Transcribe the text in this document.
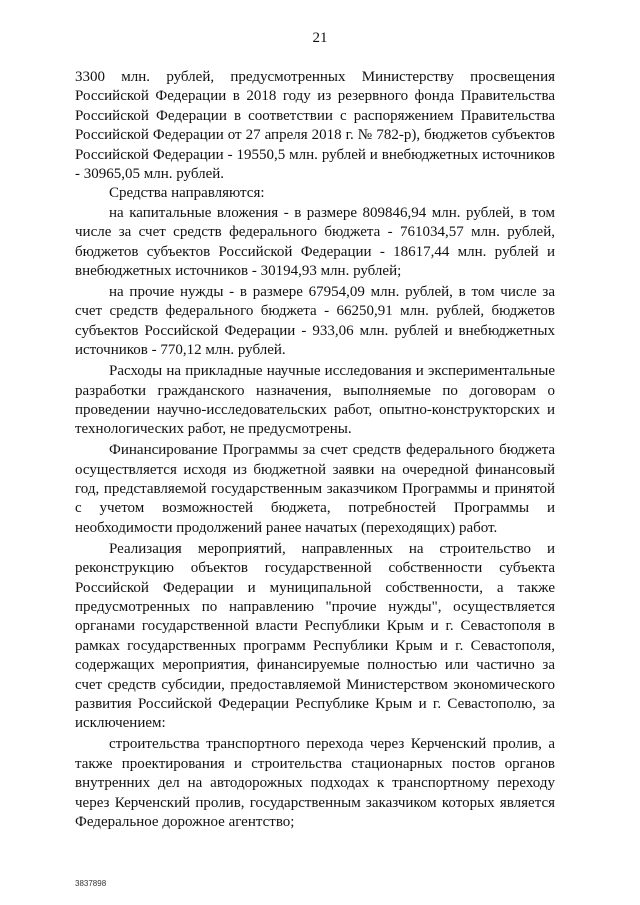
21

3300 млн. рублей, предусмотренных Министерству просвещения Российской Федерации в 2018 году из резервного фонда Правительства Российской Федерации в соответствии с распоряжением Правительства Российской Федерации от 27 апреля 2018 г. № 782-р), бюджетов субъектов Российской Федерации - 19550,5 млн. рублей и внебюджетных источников - 30965,05 млн. рублей.

Средства направляются:

на капитальные вложения - в размере 809846,94 млн. рублей, в том числе за счет средств федерального бюджета - 761034,57 млн. рублей, бюджетов субъектов Российской Федерации - 18617,44 млн. рублей и внебюджетных источников - 30194,93 млн. рублей;

на прочие нужды - в размере 67954,09 млн. рублей, в том числе за счет средств федерального бюджета - 66250,91 млн. рублей, бюджетов субъектов Российской Федерации - 933,06 млн. рублей и внебюджетных источников - 770,12 млн. рублей.

Расходы на прикладные научные исследования и экспериментальные разработки гражданского назначения, выполняемые по договорам о проведении научно-исследовательских работ, опытно-конструкторских и технологических работ, не предусмотрены.

Финансирование Программы за счет средств федерального бюджета осуществляется исходя из бюджетной заявки на очередной финансовый год, представляемой государственным заказчиком Программы и принятой с учетом возможностей бюджета, потребностей Программы и необходимости продолжений ранее начатых (переходящих) работ.

Реализация мероприятий, направленных на строительство и реконструкцию объектов государственной собственности субъекта Российской Федерации и муниципальной собственности, а также предусмотренных по направлению "прочие нужды", осуществляется органами государственной власти Республики Крым и г. Севастополя в рамках государственных программ Республики Крым и г. Севастополя, содержащих мероприятия, финансируемые полностью или частично за счет средств субсидии, предоставляемой Министерством экономического развития Российской Федерации Республике Крым и г. Севастополю, за исключением:

строительства транспортного перехода через Керченский пролив, а также проектирования и строительства стационарных постов органов внутренних дел на автодорожных подходах к транспортному переходу через Керченский пролив, государственным заказчиком которых является Федеральное дорожное агентство;

3837898
